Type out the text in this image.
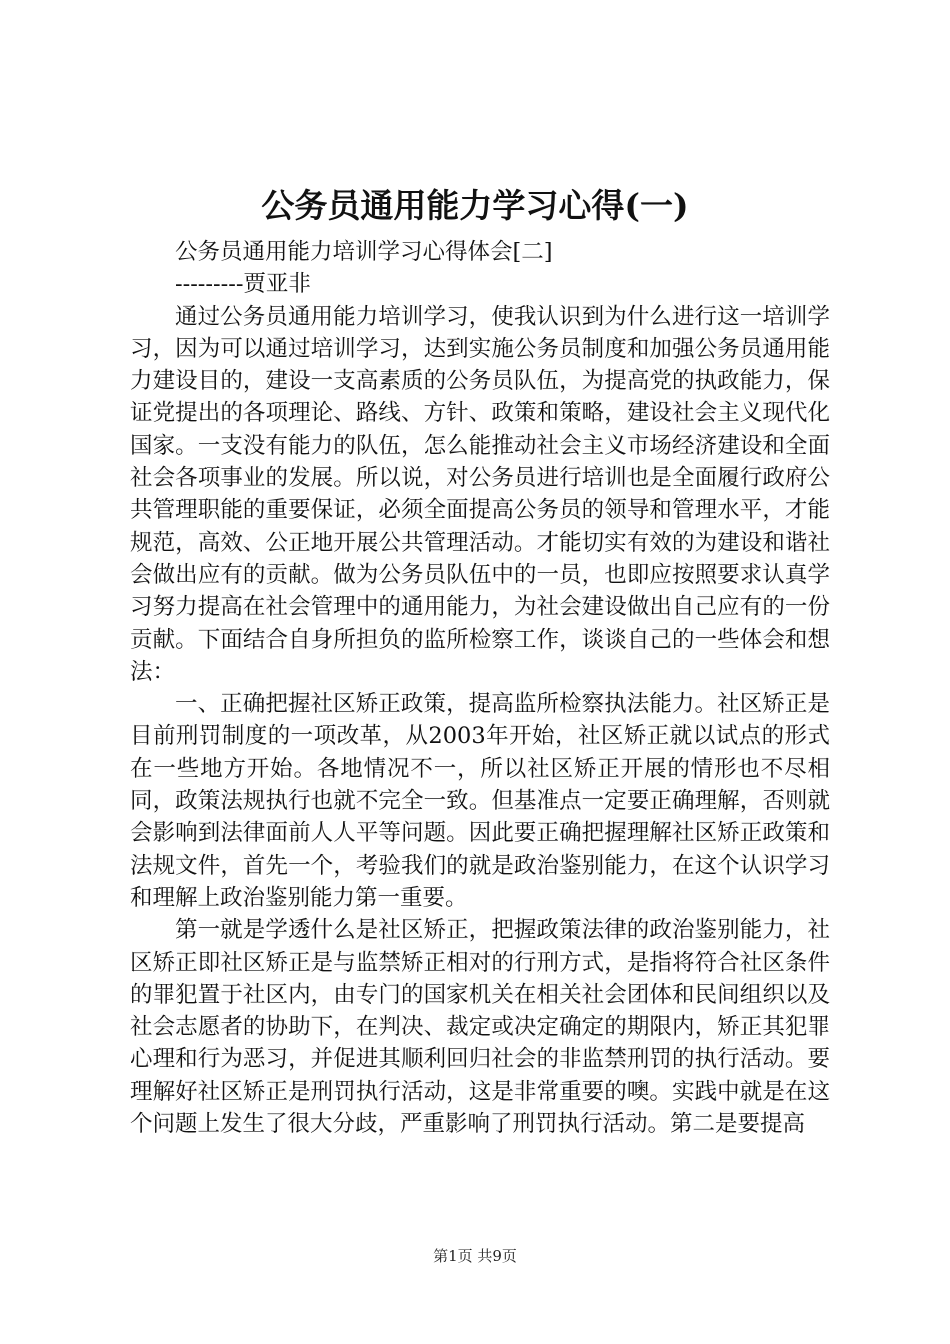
公务员通用能力学习心得(一)

公务员通用能力培训学习心得体会[二]

---------贾亚非

通过公务员通用能力培训学习，使我认识到为什么进行这一培训学习，因为可以通过培训学习，达到实施公务员制度和加强公务员通用能力建设目的，建设一支高素质的公务员队伍，为提高党的执政能力，保证党提出的各项理论、路线、方针、政策和策略，建设社会主义现代化国家。一支没有能力的队伍，怎么能推动社会主义市场经济建设和全面社会各项事业的发展。所以说，对公务员进行培训也是全面履行政府公共管理职能的重要保证，必须全面提高公务员的领导和管理水平，才能规范，高效、公正地开展公共管理活动。才能切实有效的为建设和谐社会做出应有的贡献。做为公务员队伍中的一员，也即应按照要求认真学习努力提高在社会管理中的通用能力，为社会建设做出自己应有的一份贡献。下面结合自身所担负的监所检察工作，谈谈自己的一些体会和想法：

一、正确把握社区矫正政策，提高监所检察执法能力。社区矫正是目前刑罚制度的一项改革，从2003年开始，社区矫正就以试点的形式在一些地方开始。各地情况不一，所以社区矫正开展的情形也不尽相同，政策法规执行也就不完全一致。但基准点一定要正确理解，否则就会影响到法律面前人人平等问题。因此要正确把握理解社区矫正政策和法规文件，首先一个，考验我们的就是政治鉴别能力，在这个认识学习和理解上政治鉴别能力第一重要。

第一就是学透什么是社区矫正，把握政策法律的政治鉴别能力，社区矫正即社区矫正是与监禁矫正相对的行刑方式，是指将符合社区条件的罪犯置于社区内，由专门的国家机关在相关社会团体和民间组织以及社会志愿者的协助下，在判决、裁定或决定确定的期限内，矫正其犯罪心理和行为恶习，并促进其顺利回归社会的非监禁刑罚的执行活动。要理解好社区矫正是刑罚执行活动，这是非常重要的噢。实践中就是在这个问题上发生了很大分歧，严重影响了刑罚执行活动。第二是要提高

第1页 共9页
